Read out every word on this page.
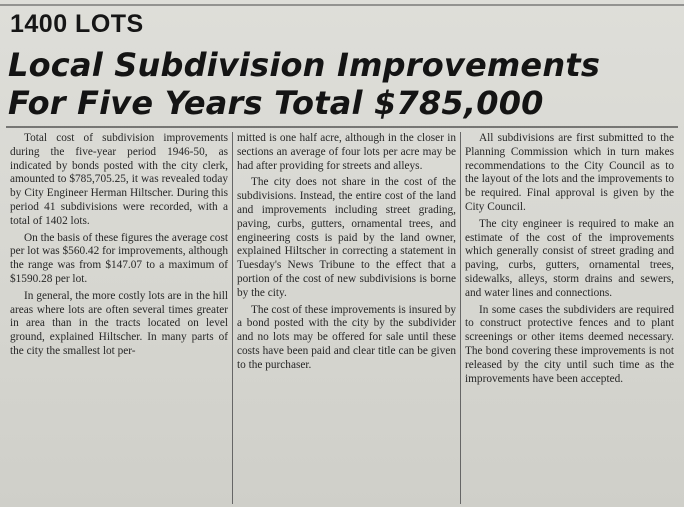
1400 LOTS
Local Subdivision Improvements
For Five Years Total $785,000

Total cost of subdivision improvements during the five-year period 1946-50, as indicated by bonds posted with the city clerk, amounted to $785,705.25, it was revealed today by City Engineer Herman Hiltscher. During this period 41 subdivisions were recorded, with a total of 1402 lots.

On the basis of these figures the average cost per lot was $560.42 for improvements, although the range was from $147.07 to a maximum of $1590.28 per lot.

In general, the more costly lots are in the hill areas where lots are often several times greater in area than in the tracts located on level ground, explained Hiltscher. In many parts of the city the smallest lot per-

mitted is one half acre, although in the closer in sections an average of four lots per acre may be had after providing for streets and alleys.

The city does not share in the cost of the subdivisions. Instead, the entire cost of the land and improvements including street grading, paving, curbs, gutters, ornamental trees, and engineering costs is paid by the land owner, explained Hiltscher in correcting a statement in Tuesday's News Tribune to the effect that a portion of the cost of new subdivisions is borne by the city.

The cost of these improvements is insured by a bond posted with the city by the subdivider and no lots may be offered for sale until these costs have been paid and clear title can be given to the purchaser.

All subdivisions are first submitted to the Planning Commission which in turn makes recommendations to the City Council as to the layout of the lots and the improvements to be required. Final approval is given by the City Council.

The city engineer is required to make an estimate of the cost of the improvements which generally consist of street grading and paving, curbs, gutters, ornamental trees, sidewalks, alleys, storm drains and sewers, and water lines and connections.

In some cases the subdividers are required to construct protective fences and to plant screenings or other items deemed necessary. The bond covering these improvements is not released by the city until such time as the improvements have been accepted.
